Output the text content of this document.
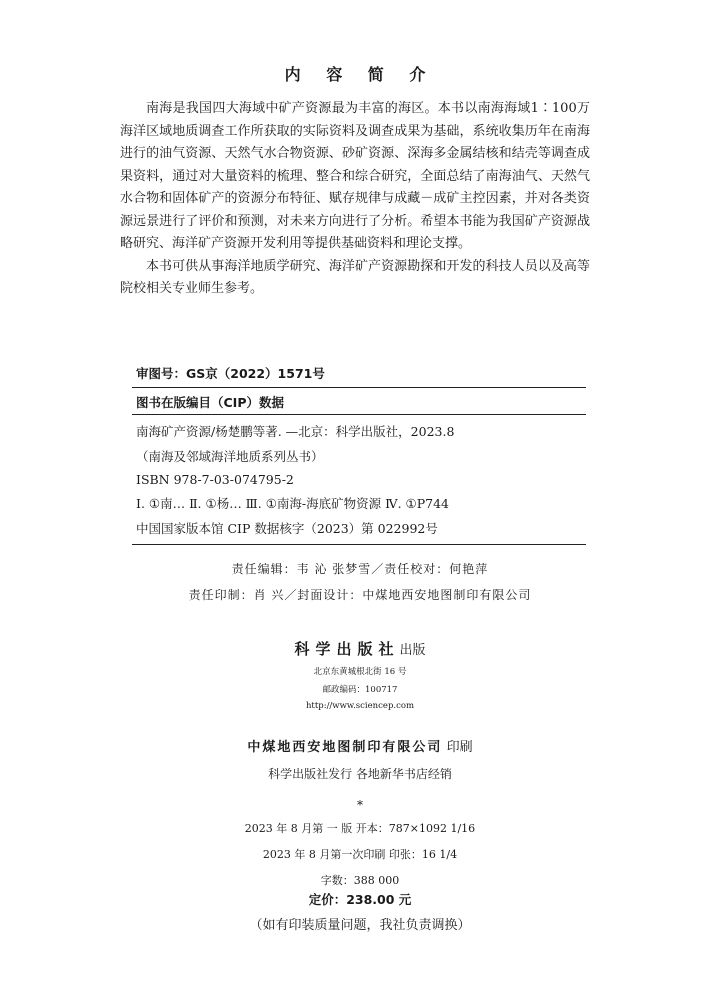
内 容 简 介

南海是我国四大海域中矿产资源最为丰富的海区。本书以南海海域1∶100万海洋区域地质调查工作所获取的实际资料及调查成果为基础，系统收集历年在南海进行的油气资源、天然气水合物资源、砂矿资源、深海多金属结核和结壳等调查成果资料，通过对大量资料的梳理、整合和综合研究，全面总结了南海油气、天然气水合物和固体矿产的资源分布特征、赋存规律与成藏－成矿主控因素，并对各类资源远景进行了评价和预测，对未来方向进行了分析。希望本书能为我国矿产资源战略研究、海洋矿产资源开发利用等提供基础资料和理论支撑。

本书可供从事海洋地质学研究、海洋矿产资源勘探和开发的科技人员以及高等院校相关专业师生参考。

审图号：GS京（2022）1571号
图书在版编目（CIP）数据
南海矿产资源/杨楚鹏等著. —北京：科学出版社，2023.8
（南海及邻域海洋地质系列丛书）
ISBN 978-7-03-074795-2
Ⅰ. ①南… Ⅱ. ①杨… Ⅲ. ①南海-海底矿物资源 Ⅳ. ①P744
中国国家版本馆 CIP 数据核字（2023）第 022992号
责任编辑：韦 沁 张梦雪／责任校对：何艳萍
责任印制：肖 兴／封面设计：中煤地西安地图制印有限公司
科学出版社出版
北京东黄城根北街 16 号
邮政编码：100717
http://www.sciencep.com
中煤地西安地图制印有限公司 印刷
科学出版社发行 各地新华书店经销
*
2023 年 8 月第 一 版 开本：787×1092 1/16
2023 年 8 月第一次印刷 印张：16 1/4
字数：388 000
定价：238.00 元
（如有印装质量问题，我社负责调换）
